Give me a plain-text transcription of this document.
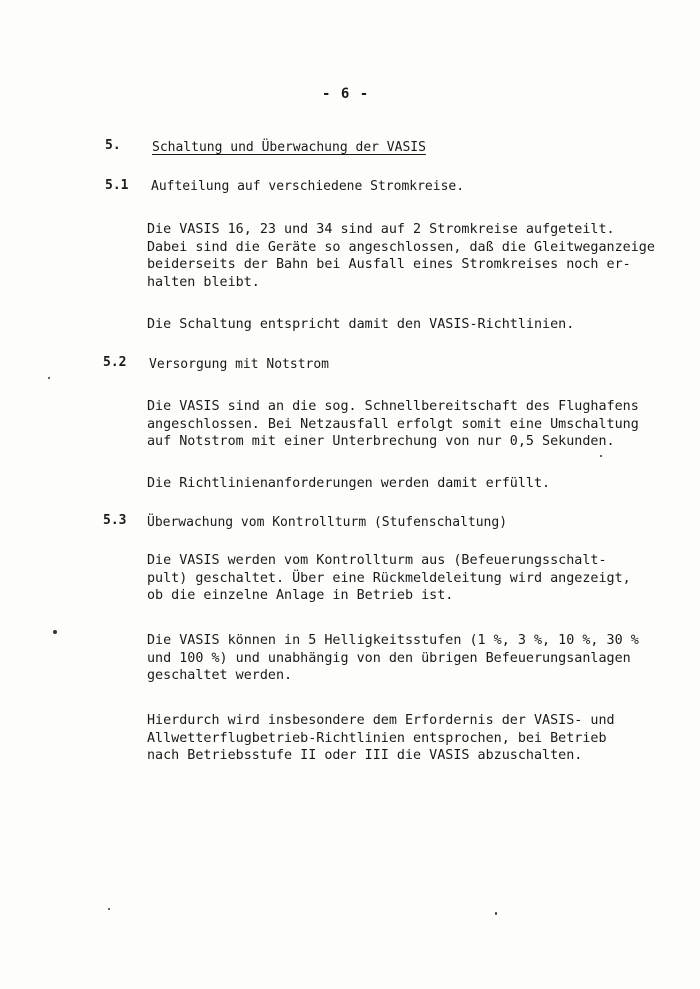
- 6 -
5. Schaltung und Überwachung der VASIS
5.1 Aufteilung auf verschiedene Stromkreise.
Die VASIS 16, 23 und 34 sind auf 2 Stromkreise aufgeteilt.
Dabei sind die Geräte so angeschlossen, daß die Gleitweganzeige
beiderseits der Bahn bei Ausfall eines Stromkreises noch er-
halten bleibt.
Die Schaltung entspricht damit den VASIS-Richtlinien.
5.2 Versorgung mit Notstrom
Die VASIS sind an die sog. Schnellbereitschaft des Flughafens
angeschlossen. Bei Netzausfall erfolgt somit eine Umschaltung
auf Notstrom mit einer Unterbrechung von nur 0,5 Sekunden.
Die Richtlinienanforderungen werden damit erfüllt.
5.3 Überwachung vom Kontrollturm (Stufenschaltung)
Die VASIS werden vom Kontrollturm aus (Befeuerungsschalt-
pult) geschaltet. Über eine Rückmeldeleitung wird angezeigt,
ob die einzelne Anlage in Betrieb ist.
Die VASIS können in 5 Helligkeitsstufen (1 %, 3 %, 10 %, 30 %
und 100 %) und unabhängig von den übrigen Befeuerungsanlagen
geschaltet werden.
Hierdurch wird insbesondere dem Erfordernis der VASIS- und
Allwetterflugbetrieb-Richtlinien entsprochen, bei Betrieb
nach Betriebsstufe II oder III die VASIS abzuschalten.
